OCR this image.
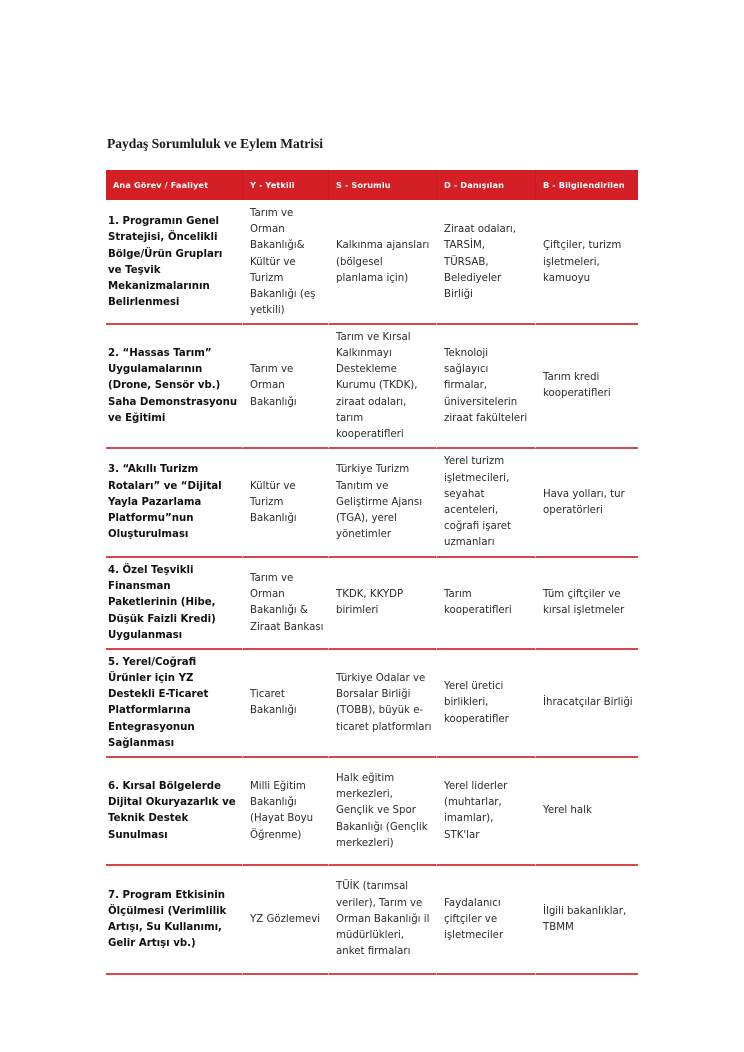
Paydaş Sorumluluk ve Eylem Matrisi
Ana Görev / Faaliyet	Y - Yetkili	S - Sorumlu	D - Danışılan	B - Bilgilendirilen
1. Programın Genel Stratejisi, Öncelikli Bölge/Ürün Grupları ve Teşvik Mekanizmalarının Belirlenmesi	Tarım ve Orman Bakanlığı& Kültür ve Turizm Bakanlığı (eş yetkili)	Kalkınma ajansları (bölgesel planlama için)	Ziraat odaları, TARSİM, TÜRSAB, Belediyeler Birliği	Çiftçiler, turizm işletmeleri, kamuoyu
2. “Hassas Tarım” Uygulamalarının (Drone, Sensör vb.) Saha Demonstrasyonu ve Eğitimi	Tarım ve Orman Bakanlığı	Tarım ve Kırsal Kalkınmayı Destekleme Kurumu (TKDK), ziraat odaları, tarım kooperatifleri	Teknoloji sağlayıcı firmalar, üniversitelerin ziraat fakülteleri	Tarım kredi kooperatifleri
3. “Akıllı Turizm Rotaları” ve “Dijital Yayla Pazarlama Platformu”nun Oluşturulması	Kültür ve Turizm Bakanlığı	Türkiye Turizm Tanıtım ve Geliştirme Ajansı (TGA), yerel yönetimler	Yerel turizm işletmecileri, seyahat acenteleri, coğrafi işaret uzmanları	Hava yolları, tur operatörleri
4. Özel Teşvikli Finansman Paketlerinin (Hibe, Düşük Faizli Kredi) Uygulanması	Tarım ve Orman Bakanlığı & Ziraat Bankası	TKDK, KKYDP birimleri	Tarım kooperatifleri	Tüm çiftçiler ve kırsal işletmeler
5. Yerel/Coğrafi Ürünler için YZ Destekli E-Ticaret Platformlarına Entegrasyonun Sağlanması	Ticaret Bakanlığı	Türkiye Odalar ve Borsalar Birliği (TOBB), büyük e-ticaret platformları	Yerel üretici birlikleri, kooperatifler	İhracatçılar Birliği
6. Kırsal Bölgelerde Dijital Okuryazarlık ve Teknik Destek Sunulması	Milli Eğitim Bakanlığı (Hayat Boyu Öğrenme)	Halk eğitim merkezleri, Gençlik ve Spor Bakanlığı (Gençlik merkezleri)	Yerel liderler (muhtarlar, imamlar), STK'lar	Yerel halk
7. Program Etkisinin Ölçülmesi (Verimlilik Artışı, Su Kullanımı, Gelir Artışı vb.)	YZ Gözlemevi	TÜİK (tarımsal veriler), Tarım ve Orman Bakanlığı il müdürlükleri, anket firmaları	Faydalanıcı çiftçiler ve işletmeciler	İlgili bakanlıklar, TBMM
